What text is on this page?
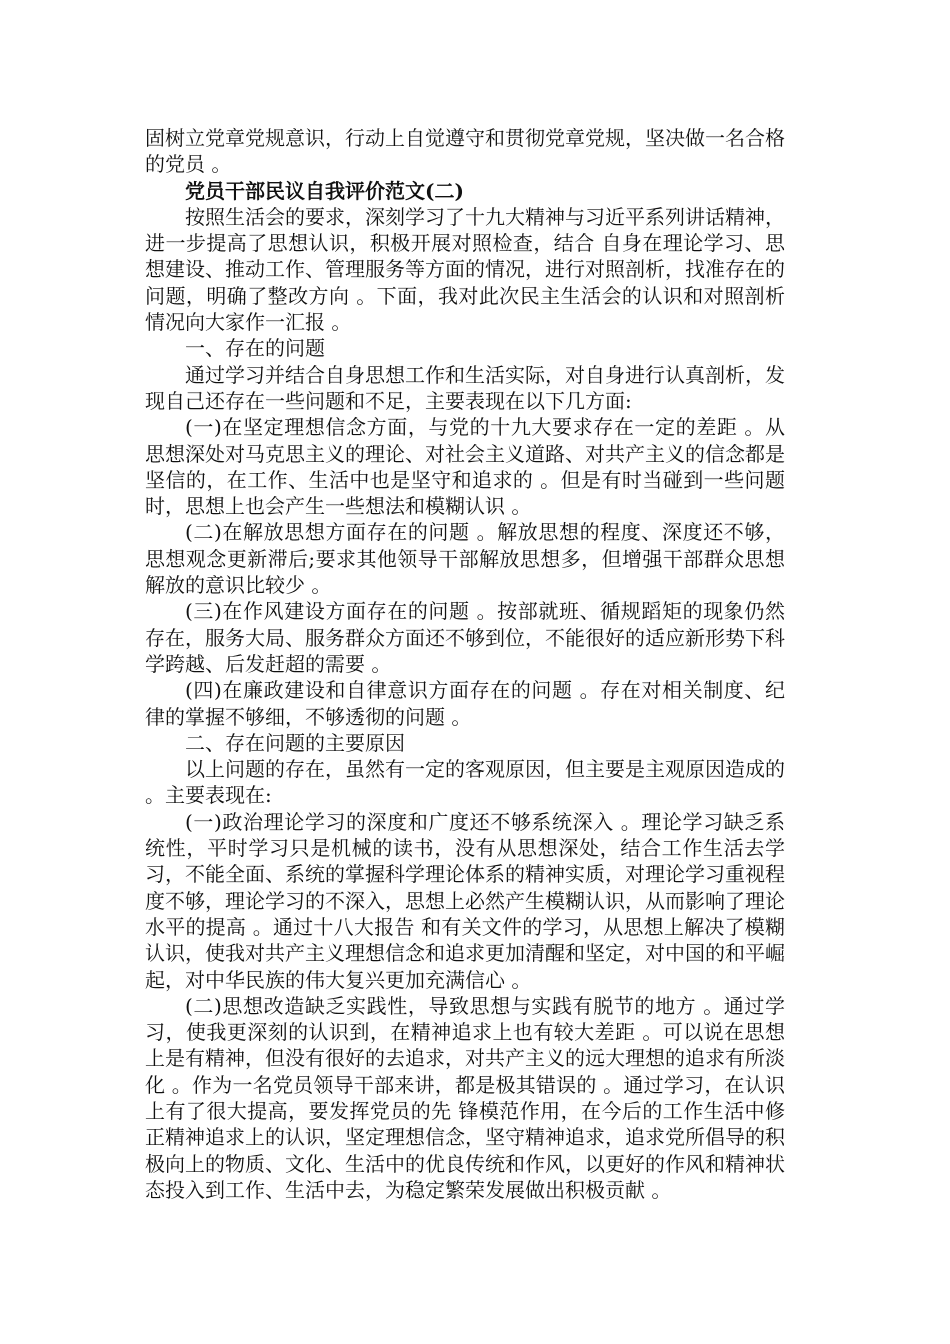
固树立党章党规意识，行动上自觉遵守和贯彻党章党规，坚决做一名合格的党员 。

党员干部民议自我评价范文(二)

按照生活会的要求，深刻学习了十九大精神与习近平系列讲话精神，进一步提高了思想认识，积极开展对照检查，结合 自身在理论学习、思想建设、推动工作、管理服务等方面的情况，进行对照剖析，找准存在的问题，明确了整改方向 。下面，我对此次民主生活会的认识和对照剖析 情况向大家作一汇报 。

一、存在的问题

通过学习并结合自身思想工作和生活实际，对自身进行认真剖析，发现自己还存在一些问题和不足，主要表现在以下几方面:

(一)在坚定理想信念方面，与党的十九大要求存在一定的差距 。从思想深处对马克思主义的理论、对社会主义道路、对共产主义的信念都是坚信的，在工作、生活中也是坚守和追求的 。但是有时当碰到一些问题时，思想上也会产生一些想法和模糊认识 。

(二)在解放思想方面存在的问题 。解放思想的程度、深度还不够，思想观念更新滞后;要求其他领导干部解放思想多，但增强干部群众思想解放的意识比较少 。

(三)在作风建设方面存在的问题 。按部就班、循规蹈矩的现象仍然存在，服务大局、服务群众方面还不够到位，不能很好的适应新形势下科学跨越、后发赶超的需要 。

(四)在廉政建设和自律意识方面存在的问题 。存在对相关制度、纪律的掌握不够细，不够透彻的问题 。

二、存在问题的主要原因

以上问题的存在，虽然有一定的客观原因，但主要是主观原因造成的 。主要表现在:

(一)政治理论学习的深度和广度还不够系统深入 。理论学习缺乏系统性，平时学习只是机械的读书，没有从思想深处，结合工作生活去学习，不能全面、系统的掌握科学理论体系的精神实质，对理论学习重视程度不够，理论学习的不深入，思想上必然产生模糊认识，从而影响了理论水平的提高 。通过十八大报告 和有关文件的学习，从思想上解决了模糊认识，使我对共产主义理想信念和追求更加清醒和坚定，对中国的和平崛起，对中华民族的伟大复兴更加充满信心 。

(二)思想改造缺乏实践性，导致思想与实践有脱节的地方 。通过学习，使我更深刻的认识到，在精神追求上也有较大差距 。可以说在思想上是有精神，但没有很好的去追求，对共产主义的远大理想的追求有所淡化 。作为一名党员领导干部来讲，都是极其错误的 。通过学习，在认识上有了很大提高，要发挥党员的先 锋模范作用，在今后的工作生活中修正精神追求上的认识，坚定理想信念，坚守精神追求，追求党所倡导的积极向上的物质、文化、生活中的优良传统和作风，以更好的作风和精神状态投入到工作、生活中去，为稳定繁荣发展做出积极贡献 。
